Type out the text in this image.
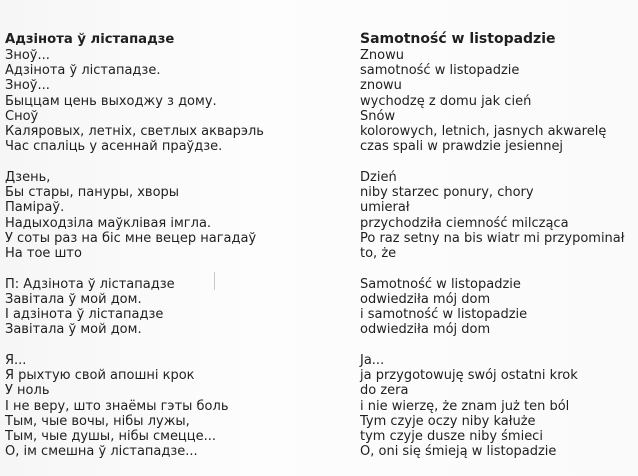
Адзінота ў лістападзе
Зноў...
Адзінота ў лістападзе.
Зноў...
Быццам цень выходжу з дому.
Сноў
Каляровых, летніх, светлых акварэль
Час спаліць у асеннай праўдзе.
Дзень,
Бы стары, пануры, хворы
Паміраў.
Надыходзіла маўклівая імгла.
У соты раз на біс мне вецер нагадаў
На тое што
П: Адзінота ў лістападзе
Завітала ў мой дом.
І адзінота ў лістападзе
Завітала ў мой дом.
Я...
Я рыхтую свой апошні крок
У ноль
І не веру, што знаёмы гэты боль
Тым, чые вочы, нібы лужы,
Тым, чые душы, нібы смецце...
О, ім смешна ў лістападзе...
Samotność w listopadzie
Znowu
samotność w listopadzie
znowu
wychodzę z domu jak cień
Snów
kolorowych, letnich, jasnych akwarelę
czas spali w prawdzie jesiennej
Dzień
niby starzec ponury, chory
umierał
przychodziła ciemność milcząca
Po raz setny na bis wiatr mi przypominał
to, że
Samotność w listopadzie
odwiedziła mój dom
i samotność w listopadzie
odwiedziła mój dom
Ja...
ja przygotowuję swój ostatni krok
do zera
i nie wierzę, że znam już ten ból
Tym czyje oczy niby kałuże
tym czyje dusze niby śmieci
O, oni się śmieją w listopadzie
